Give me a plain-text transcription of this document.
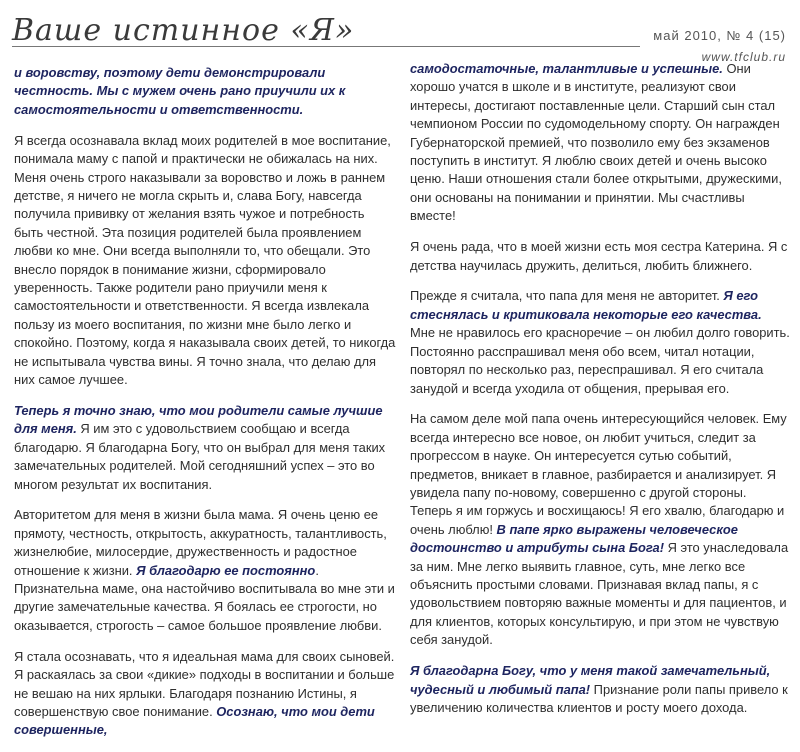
Ваше истинное «Я»	май 2010, № 4 (15)
www.tfclub.ru

и воровству, поэтому дети демонстрировали честность. Мы с мужем очень рано приучили их к самостоятельности и ответственности.

Я всегда осознавала вклад моих родителей в мое воспитание, понимала маму с папой и практически не обижалась на них. Меня очень строго наказывали за воровство и ложь в раннем детстве, я ничего не могла скрыть и, слава Богу, навсегда получила прививку от желания взять чужое и потребность быть честной. Эта позиция родителей была проявлением любви ко мне. Они всегда выполняли то, что обещали. Это внесло порядок в понимание жизни, сформировало уверенность. Также родители рано приучили меня к самостоятельности и ответственности. Я всегда извлекала пользу из моего воспитания, по жизни мне было легко и спокойно. Поэтому, когда я наказывала своих детей, то никогда не испытывала чувства вины. Я точно знала, что делаю для них самое лучшее.

Теперь я точно знаю, что мои родители самые лучшие для меня. Я им это с удовольствием сообщаю и всегда благодарю. Я благодарна Богу, что он выбрал для меня таких замечательных родителей. Мой сегодняшний успех – это во многом результат их воспитания.

Авторитетом для меня в жизни была мама. Я очень ценю ее прямоту, честность, открытость, аккуратность, талантливость, жизнелюбие, милосердие, дружественность и радостное отношение к жизни. Я благодарю ее постоянно. Признательна маме, она настойчиво воспитывала во мне эти и другие замечательные качества. Я боялась ее строгости, но оказывается, строгость – самое большое проявление любви.

Я стала осознавать, что я идеальная мама для своих сыновей. Я раскаялась за свои «дикие» подходы в воспитании и больше не вешаю на них ярлыки. Благодаря познанию Истины, я совершенствую свое понимание. Осознаю, что мои дети совершенные,

самодостаточные, талантливые и успешные. Они хорошо учатся в школе и в институте, реализуют свои интересы, достигают поставленные цели. Старший сын стал чемпионом России по судомодельному спорту. Он награжден Губернаторской премией, что позволило ему без экзаменов поступить в институт. Я люблю своих детей и очень высоко ценю. Наши отношения стали более открытыми, дружескими, они основаны на понимании и принятии. Мы счастливы вместе!

Я очень рада, что в моей жизни есть моя сестра Катерина. Я с детства научилась дружить, делиться, любить ближнего.

Прежде я считала, что папа для меня не авторитет. Я его стеснялась и критиковала некоторые его качества. Мне не нравилось его красноречие – он любил долго говорить. Постоянно расспрашивал меня обо всем, читал нотации, повторял по несколько раз, переспрашивал. Я его считала занудой и всегда уходила от общения, прерывая его.

На самом деле мой папа очень интересующийся человек. Ему всегда интересно все новое, он любит учиться, следит за прогрессом в науке. Он интересуется сутью событий, предметов, вникает в главное, разбирается и анализирует. Я увидела папу по-новому, совершенно с другой стороны. Теперь я им горжусь и восхищаюсь! Я его хвалю, благодарю и очень люблю! В папе ярко выражены человеческое достоинство и атрибуты сына Бога! Я это унаследовала за ним. Мне легко выявить главное, суть, мне легко все объяснить простыми словами. Признавая вклад папы, я с удовольствием повторяю важные моменты и для пациентов, и для клиентов, которых консультирую, и при этом не чувствую себя занудой.

Я благодарна Богу, что у меня такой замечательный, чудесный и любимый папа! Признание роли папы привело к увеличению количества клиентов и росту моего дохода.
